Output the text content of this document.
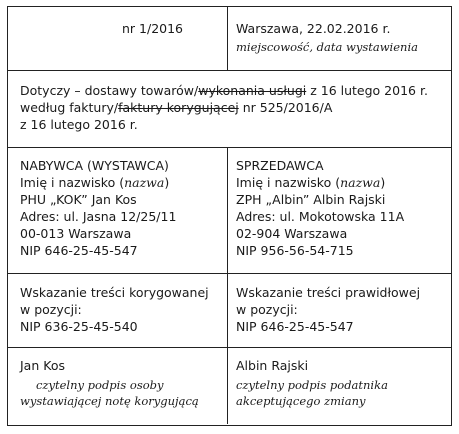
nr 1/2016	Warszawa, 22.02.2016 r.
miejscowość, data wystawienia
Dotyczy – dostawy towarów/wykonania usługi z 16 lutego 2016 r.
według faktury/faktury korygującej nr 525/2016/A
z 16 lutego 2016 r.
NABYWCA (WYSTAWCA)
Imię i nazwisko (nazwa)
PHU „KOK” Jan Kos
Adres: ul. Jasna 12/25/11
00-013 Warszawa
NIP 646-25-45-547
SPRZEDAWCA
Imię i nazwisko (nazwa)
ZPH „Albin” Albin Rajski
Adres: ul. Mokotowska 11A
02-904 Warszawa
NIP 956-56-54-715
Wskazanie treści korygowanej
w pozycji:
NIP 636-25-45-540
Wskazanie treści prawidłowej
w pozycji:
NIP 646-25-45-547
Jan Kos
czytelny podpis osoby
wystawiającej notę korygującą
Albin Rajski
czytelny podpis podatnika
akceptującego zmiany
